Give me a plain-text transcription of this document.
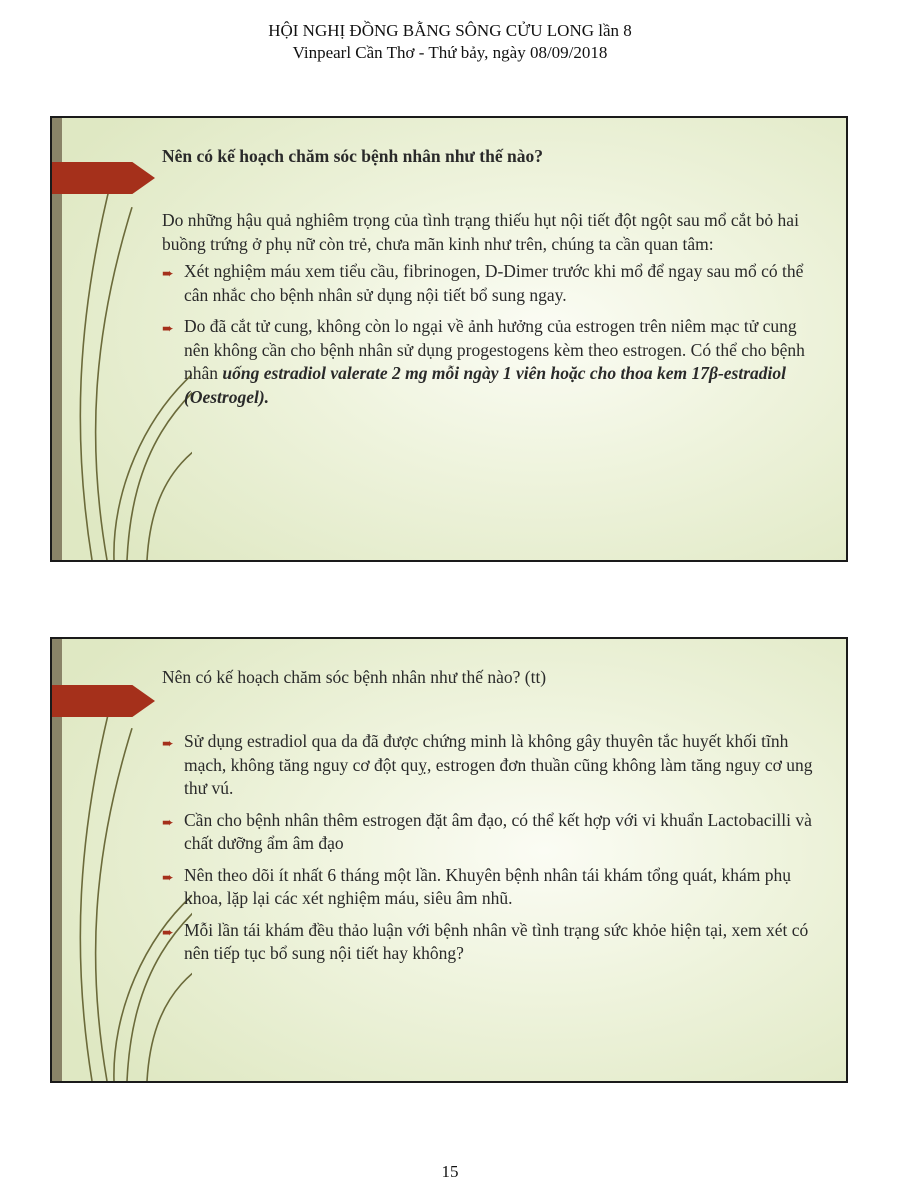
HỘI NGHỊ ĐỒNG BẰNG SÔNG CỬU LONG lần 8
Vinpearl Cần Thơ - Thứ bảy, ngày 08/09/2018
Nên có kế hoạch chăm sóc bệnh nhân như thế nào?

Do những hậu quả nghiêm trọng của tình trạng thiếu hụt nội tiết đột ngột sau mổ cắt bỏ hai buồng trứng ở phụ nữ còn trẻ, chưa mãn kinh như trên, chúng ta cần quan tâm:

➨ Xét nghiệm máu xem tiểu cầu, fibrinogen, D-Dimer trước khi mổ để ngay sau mổ có thể cân nhắc cho bệnh nhân sử dụng nội tiết bổ sung ngay.
➨ Do đã cắt tử cung, không còn lo ngại về ảnh hưởng của estrogen trên niêm mạc tử cung nên không cần cho bệnh nhân sử dụng progestogens kèm theo estrogen. Có thể cho bệnh nhân uống estradiol valerate 2 mg mỗi ngày 1 viên hoặc cho thoa kem 17β-estradiol (Oestrogel).
Nên có kế hoạch chăm sóc bệnh nhân như thế nào? (tt)
➨ Sử dụng estradiol qua da đã được chứng minh là không gây thuyên tắc huyết khối tĩnh mạch, không tăng nguy cơ đột quỵ, estrogen đơn thuần cũng không làm tăng nguy cơ ung thư vú.
➨ Cần cho bệnh nhân thêm estrogen đặt âm đạo, có thể kết hợp với vi khuẩn Lactobacilli và chất dưỡng ẩm âm đạo
➨ Nên theo dõi ít nhất 6 tháng một lần. Khuyên bệnh nhân tái khám tổng quát, khám phụ khoa, lặp lại các xét nghiệm máu, siêu âm nhũ.
➨ Mỗi lần tái khám đều thảo luận với bệnh nhân về tình trạng sức khỏe hiện tại, xem xét có nên tiếp tục bổ sung nội tiết hay không?
15
